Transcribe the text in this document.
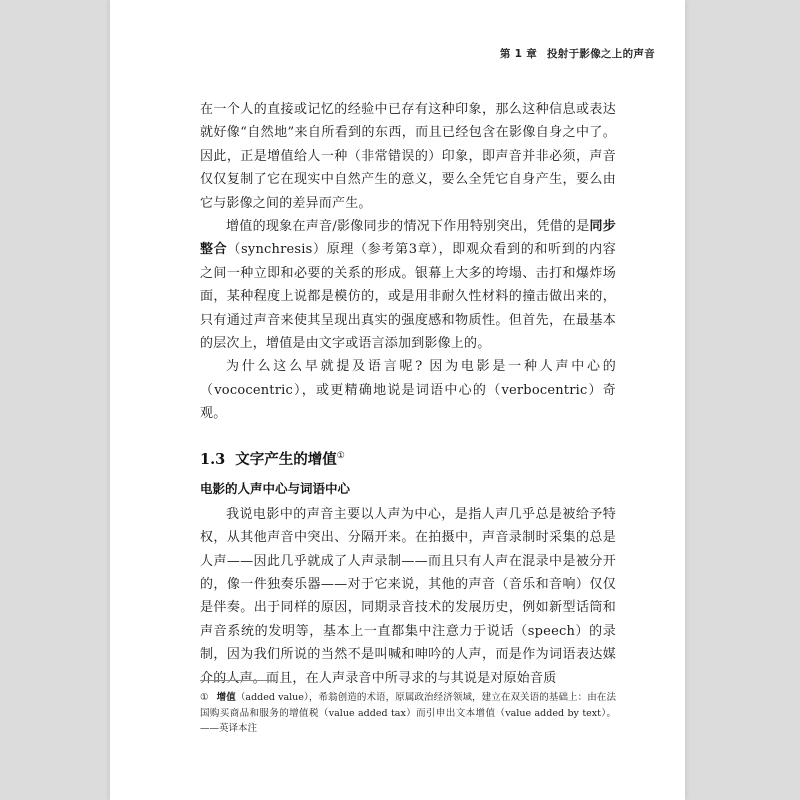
第 1 章 投射于影像之上的声音

在一个人的直接或记忆的经验中已存有这种印象，那么这种信息或表达就好像“自然地”来自所看到的东西，而且已经包含在影像自身之中了。因此，正是增值给人一种（非常错误的）印象，即声音并非必须，声音仅仅复制了它在现实中自然产生的意义，要么全凭它自身产生，要么由它与影像之间的差异而产生。

增值的现象在声音/影像同步的情况下作用特别突出，凭借的是同步整合（synchresis）原理（参考第3章），即观众看到的和听到的内容之间一种立即和必要的关系的形成。银幕上大多的垮塌、击打和爆炸场面，某种程度上说都是模仿的，或是用非耐久性材料的撞击做出来的，只有通过声音来使其呈现出真实的强度感和物质性。但首先，在最基本的层次上，增值是由文字或语言添加到影像上的。

为什么这么早就提及语言呢? 因为电影是一种人声中心的（vococentric），或更精确地说是词语中心的（verbocentric）奇观。

1.3 文字产生的增值①
电影的人声中心与词语中心

我说电影中的声音主要以人声为中心，是指人声几乎总是被给予特权，从其他声音中突出、分隔开来。在拍摄中，声音录制时采集的总是人声——因此几乎就成了人声录制——而且只有人声在混录中是被分开的，像一件独奏乐器——对于它来说，其他的声音（音乐和音响）仅仅是伴奏。出于同样的原因，同期录音技术的发展历史，例如新型话筒和声音系统的发明等，基本上一直都集中注意力于说话（speech）的录制，因为我们所说的当然不是叫喊和呻吟的人声，而是作为词语表达媒介的人声。而且，在人声录音中所寻求的与其说是对原始音质

① 增值（added value），希翁创造的术语，原属政治经济领域，建立在双关语的基础上：由在法国购买商品和服务的增值税（value added tax）而引申出文本增值（value added by text）。——英译本注
